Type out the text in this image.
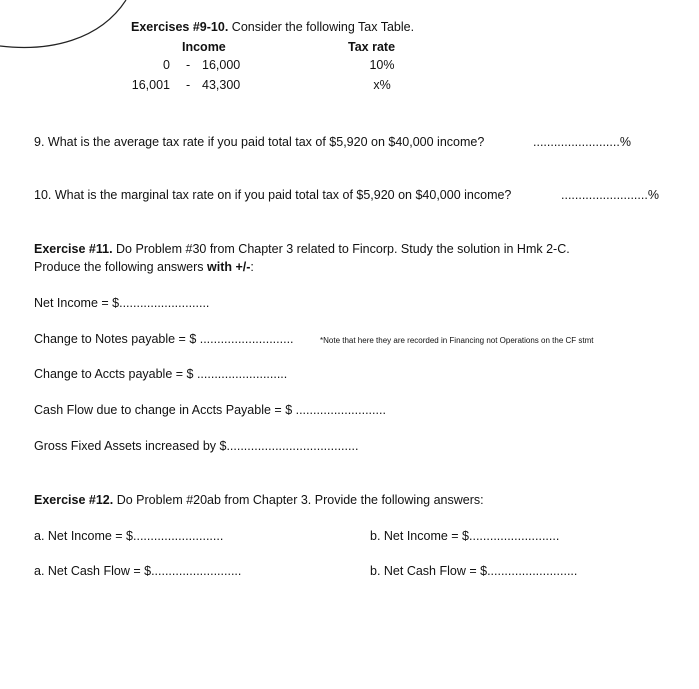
Exercises #9-10. Consider the following Tax Table.
Income	Tax rate
0 - 16,000	10%
16,001 - 43,300	x%
9. What is the average tax rate if you paid total tax of $5,920 on $40,000 income?	.........................%
10. What is the marginal tax rate on if you paid total tax of $5,920 on $40,000 income?	.........................%
Exercise #11. Do Problem #30 from Chapter 3 related to Fincorp. Study the solution in Hmk 2-C.
Produce the following answers with +/-:
Net Income = $..........................
Change to Notes payable = $ ...........................	*Note that here they are recorded in Financing not Operations on the CF stmt
Change to Accts payable = $ ..........................
Cash Flow due to change in Accts Payable = $ ..........................
Gross Fixed Assets increased by $......................................
Exercise #12. Do Problem #20ab from Chapter 3. Provide the following answers:
a. Net Income = $..........................	b. Net Income = $..........................
a. Net Cash Flow = $..........................	b. Net Cash Flow = $..........................
